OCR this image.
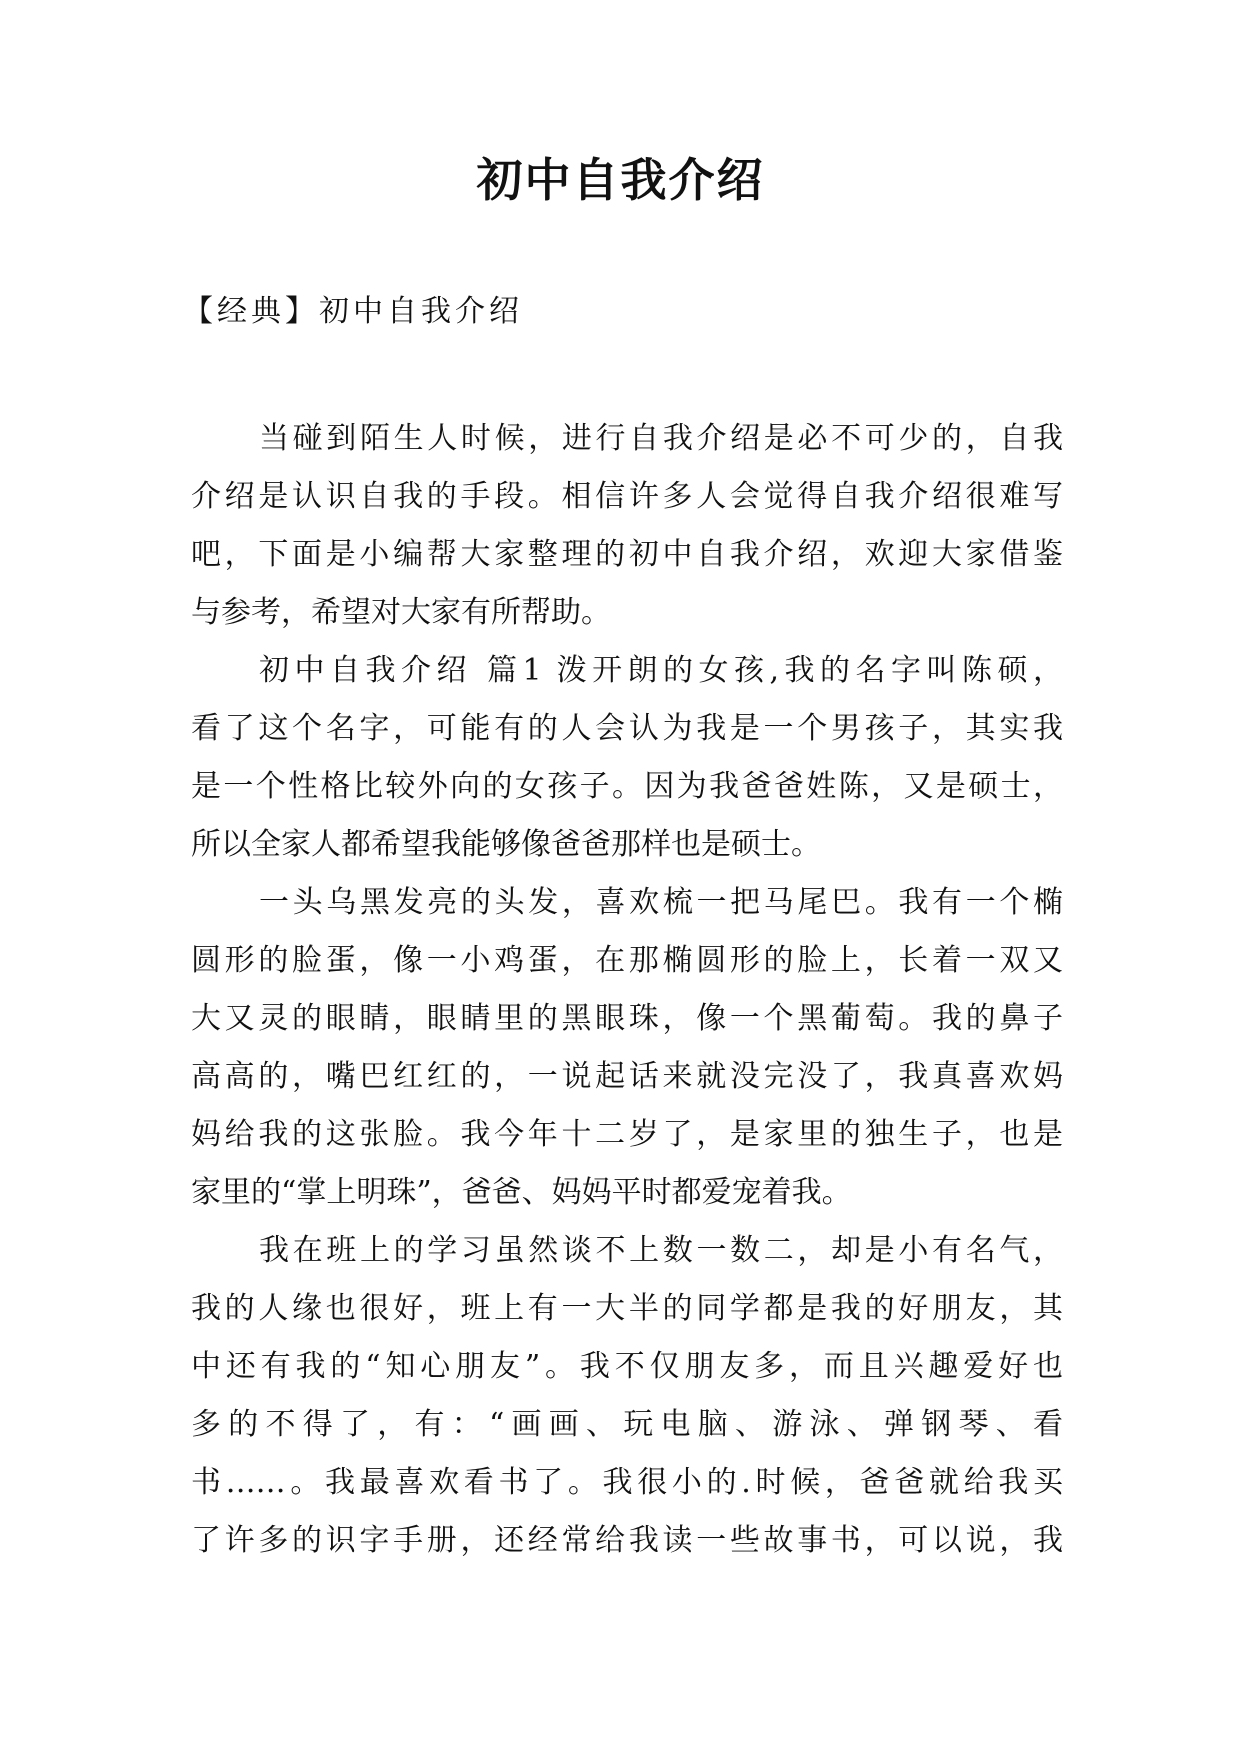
初中自我介绍
【经典】初中自我介绍
当碰到陌生人时候，进行自我介绍是必不可少的，自我
介绍是认识自我的手段。相信许多人会觉得自我介绍很难写
吧，下面是小编帮大家整理的初中自我介绍，欢迎大家借鉴
与参考，希望对大家有所帮助。
初中自我介绍 篇1 泼开朗的女孩,我的名字叫陈硕，
看了这个名字，可能有的人会认为我是一个男孩子，其实我
是一个性格比较外向的女孩子。因为我爸爸姓陈，又是硕士，
所以全家人都希望我能够像爸爸那样也是硕士。
一头乌黑发亮的头发，喜欢梳一把马尾巴。我有一个椭
圆形的脸蛋，像一小鸡蛋，在那椭圆形的脸上，长着一双又
大又灵的眼睛，眼睛里的黑眼珠，像一个黑葡萄。我的鼻子
高高的，嘴巴红红的，一说起话来就没完没了，我真喜欢妈
妈给我的这张脸。我今年十二岁了，是家里的独生子，也是
家里的“掌上明珠”，爸爸、妈妈平时都爱宠着我。
我在班上的学习虽然谈不上数一数二，却是小有名气，
我的人缘也很好，班上有一大半的同学都是我的好朋友，其
中还有我的“知心朋友”。我不仅朋友多，而且兴趣爱好也
多的不得了，有：“画画、玩电脑、游泳、弹钢琴、看
书……。我最喜欢看书了。我很小的.时候，爸爸就给我买
了许多的识字手册，还经常给我读一些故事书，可以说，我
